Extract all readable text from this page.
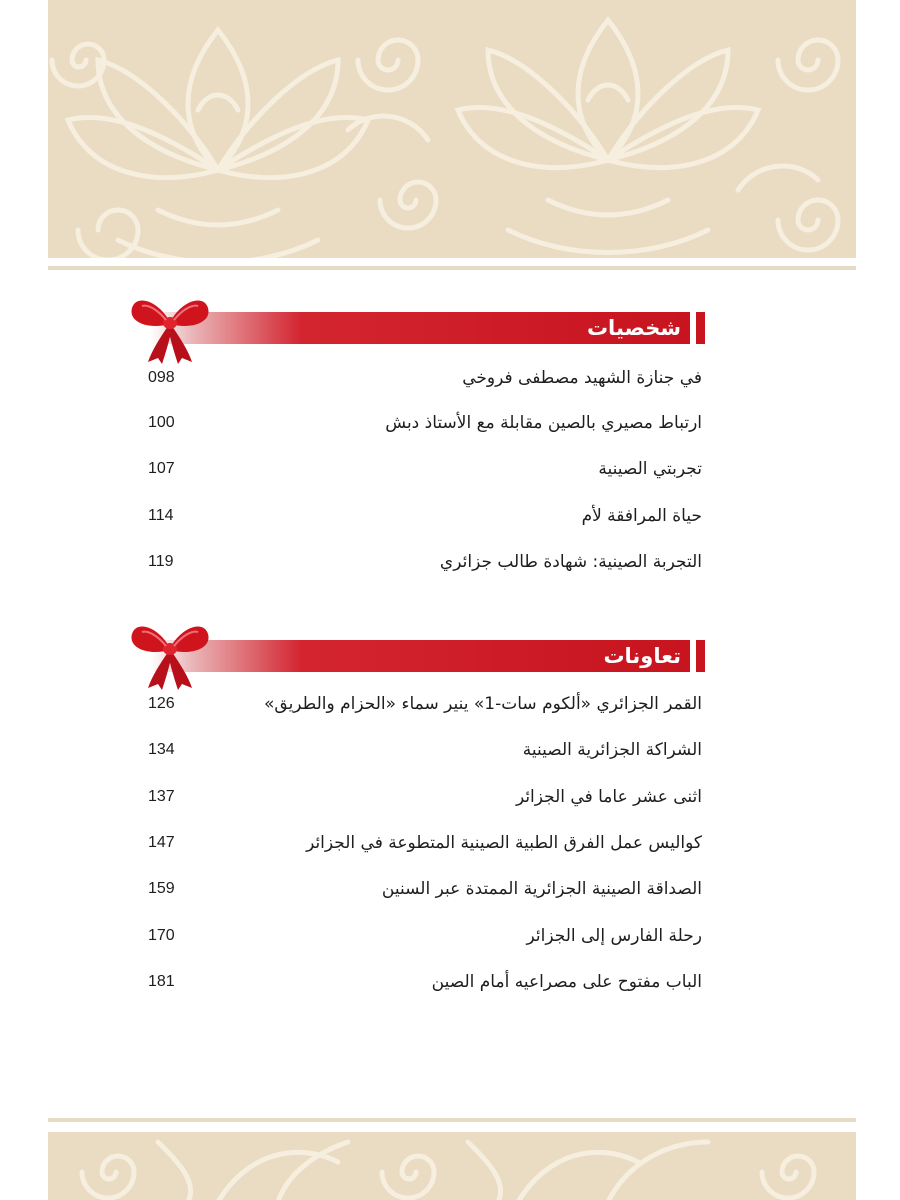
شخصيات
098	في جنازة الشهيد مصطفى فروخي
100	ارتباط مصيري بالصين مقابلة مع الأستاذ دبش
107	تجربتي الصينية
114	حياة المرافقة لأم
119	التجربة الصينية: شهادة طالب جزائري
تعاونات
126	القمر الجزائري «ألكوم سات-1» ينير سماء «الحزام والطريق»
134	الشراكة الجزائرية الصينية
137	اثنى عشر عاما في الجزائر
147	كواليس عمل الفرق الطبية الصينية المتطوعة في الجزائر
159	الصداقة الصينية الجزائرية الممتدة عبر السنين
170	رحلة الفارس إلى الجزائر
181	الباب مفتوح على مصراعيه أمام الصين
